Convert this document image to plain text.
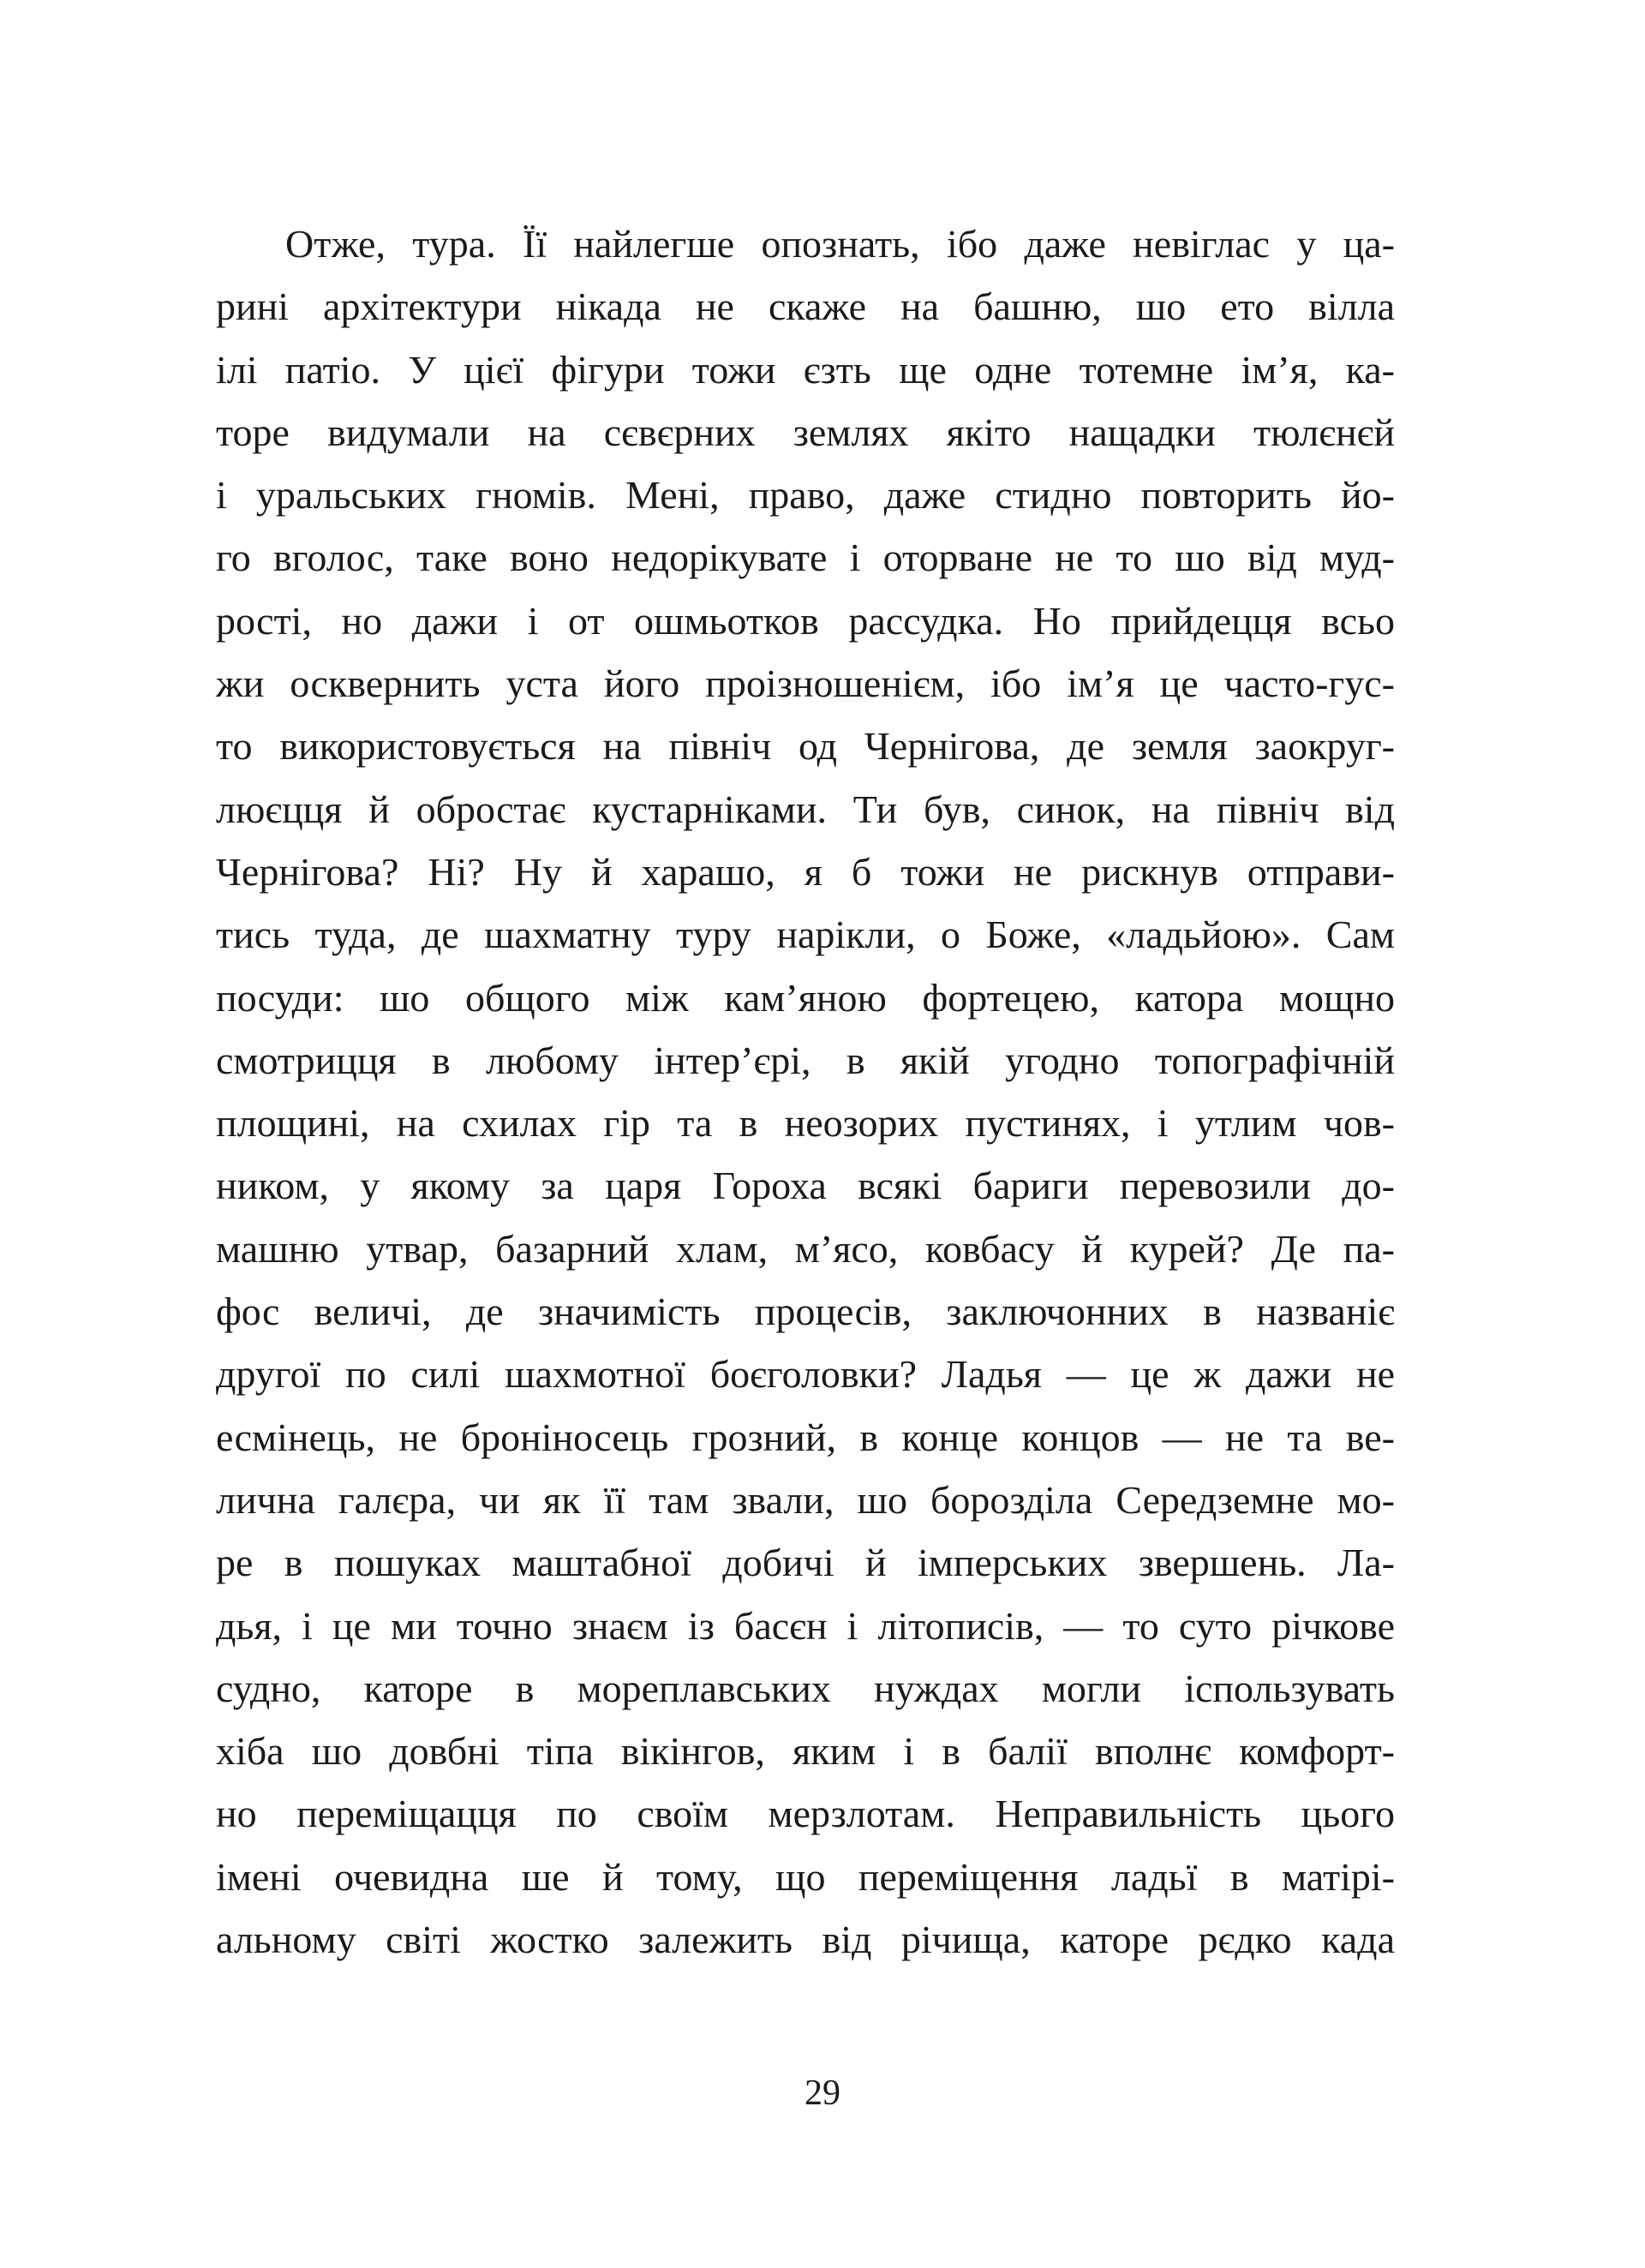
Отже, тура. Її найлегше опознать, ібо даже невіглас у ца-
рині архітектури нікада не скаже на башню, шо ето вілла
ілі патіо. У цієї фігури тожи єзть ще одне тотемне ім’я, ка-
торе видумали на сєвєрних землях якіто нащадки тюлєнєй
і уральських гномів. Мені, право, даже стидно повторить йо-
го вголос, таке воно недорікувате і оторване не то шо від муд-
рості, но дажи і от ошмьотков рассудка. Но прийдецця всьо
жи осквернить уста його проізношенієм, ібо ім’я це часто-гус-
то використовується на північ од Чернігова, де земля заокруг-
люєцця й обростає кустарніками. Ти був, синок, на північ від
Чернігова? Ні? Ну й харашо, я б тожи не рискнув отправи-
тись туда, де шахматну туру нарікли, о Боже, «ладьйою». Сам
посуди: шо общого між кам’яною фортецею, катора мощно
смотрицця в любому інтер’єрі, в якій угодно топографічній
площині, на схилах гір та в неозорих пустинях, і утлим чов-
ником, у якому за царя Гороха всякі бариги перевозили до-
машню утвар, базарний хлам, м’ясо, ковбасу й курей? Де па-
фос величі, де значимість процесів, заключонних в названіє
другої по силі шахмотної боєголовки? Ладья — це ж дажи не
есмінець, не броніносець грозний, в конце концов — не та ве-
лична галєра, чи як її там звали, шо борозділа Середземне мо-
ре в пошуках маштабної добичі й імперських звершень. Ла-
дья, і це ми точно знаєм із басєн і літописів, — то суто річкове
судно, каторе в мореплавських нуждах могли іспользувать
хіба шо довбні тіпа вікінгов, яким і в балії вполнє комфорт-
но переміщацця по своїм мерзлотам. Неправильність цього
імені очевидна ше й тому, що переміщення ладьї в матірі-
альному світі жостко залежить від річища, каторе рєдко када
29
